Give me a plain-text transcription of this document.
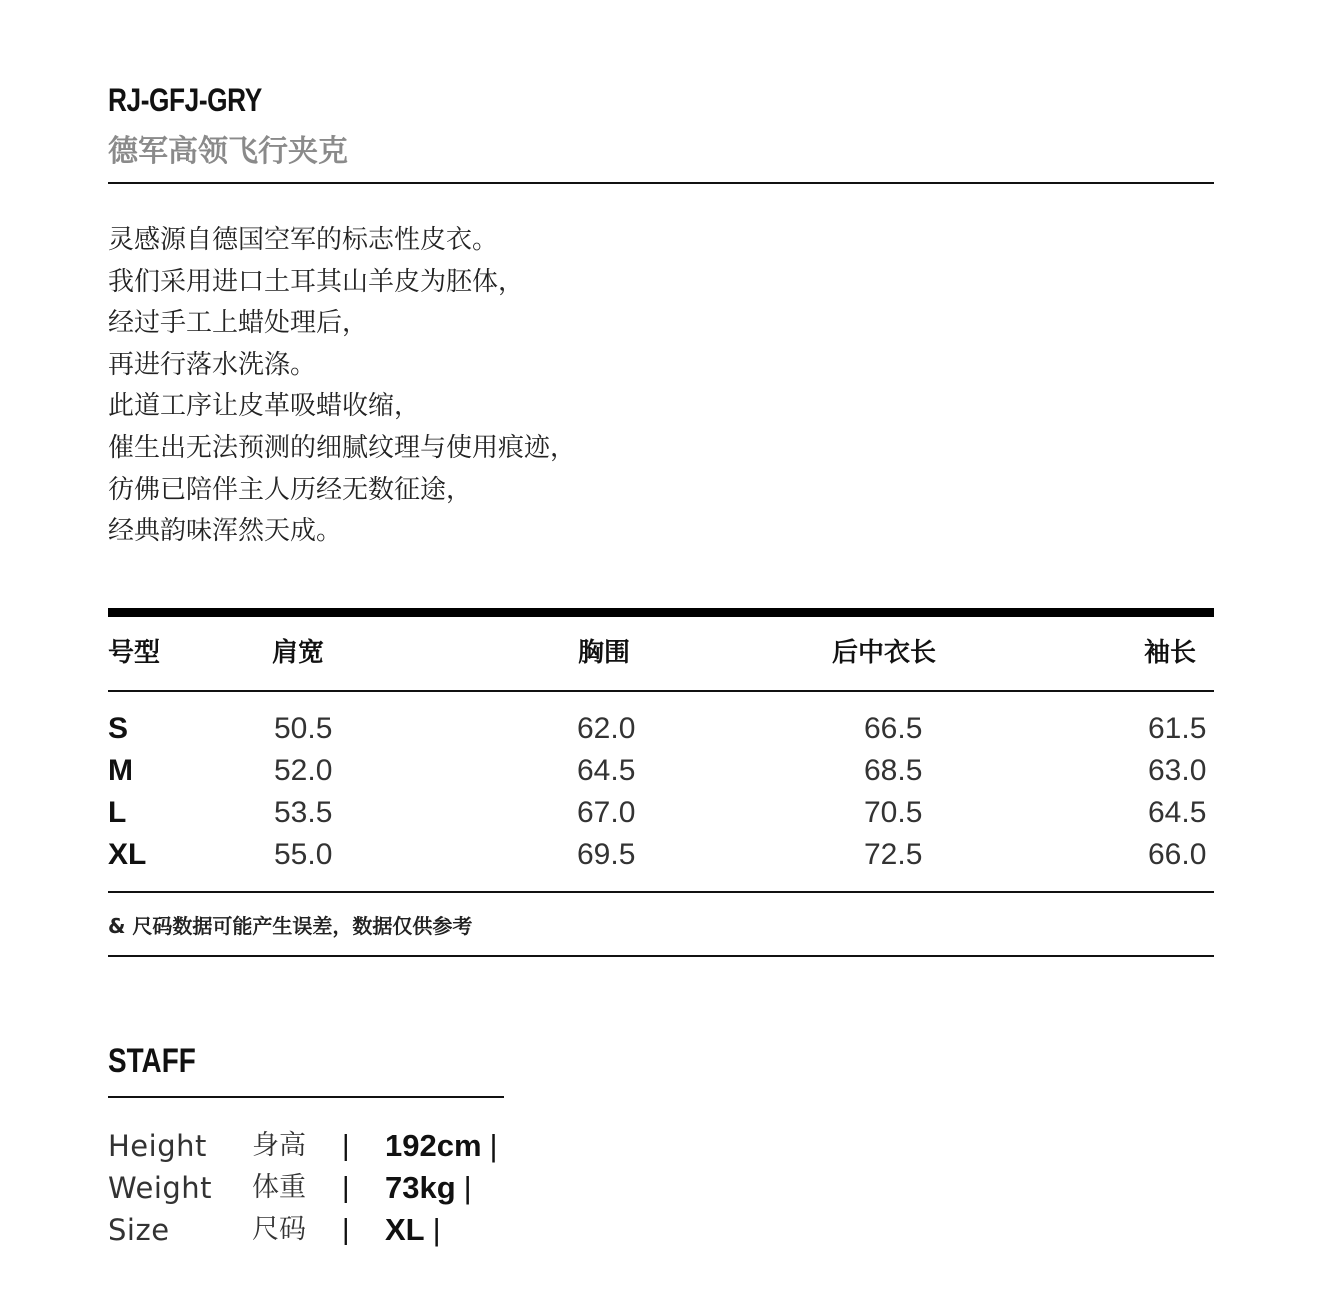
RJ-GFJ-GRY
德军高领飞行夹克
灵感源自德国空军的标志性皮衣。
我们采用进口土耳其山羊皮为胚体，
经过手工上蜡处理后，
再进行落水洗涤。
此道工序让皮革吸蜡收缩，
催生出无法预测的细腻纹理与使用痕迹，
彷佛已陪伴主人历经无数征途，
经典韵味浑然天成。
号型	肩宽	胸围	后中衣长	袖长
S	50.5	62.0	66.5	61.5
M	52.0	64.5	68.5	63.0
L	53.5	67.0	70.5	64.5
XL	55.0	69.5	72.5	66.0
& 尺码数据可能产生误差，数据仅供参考
STAFF
Height 身高 | 192cm |
Weight 体重 | 73kg |
Size	尺码 | XL |
